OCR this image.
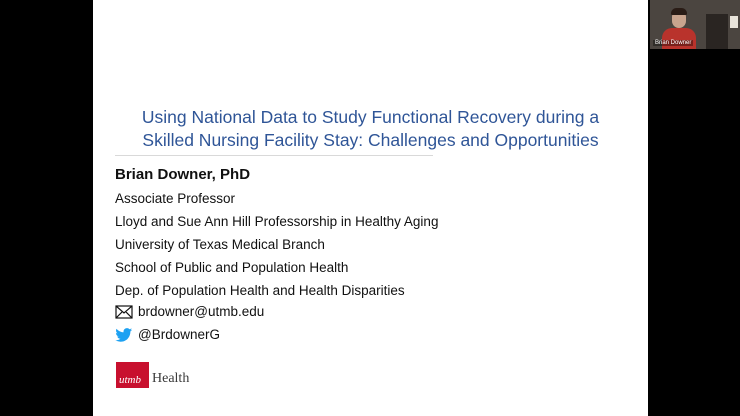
Using National Data to Study Functional Recovery during a
Skilled Nursing Facility Stay: Challenges and Opportunities
Brian Downer, PhD
Associate Professor
Lloyd and Sue Ann Hill Professorship in Healthy Aging
University of Texas Medical Branch
School of Public and Population Health
Dep. of Population Health and Health Disparities
brdowner@utmb.edu
@BrdownerG
utmb Health
Brian Downer
